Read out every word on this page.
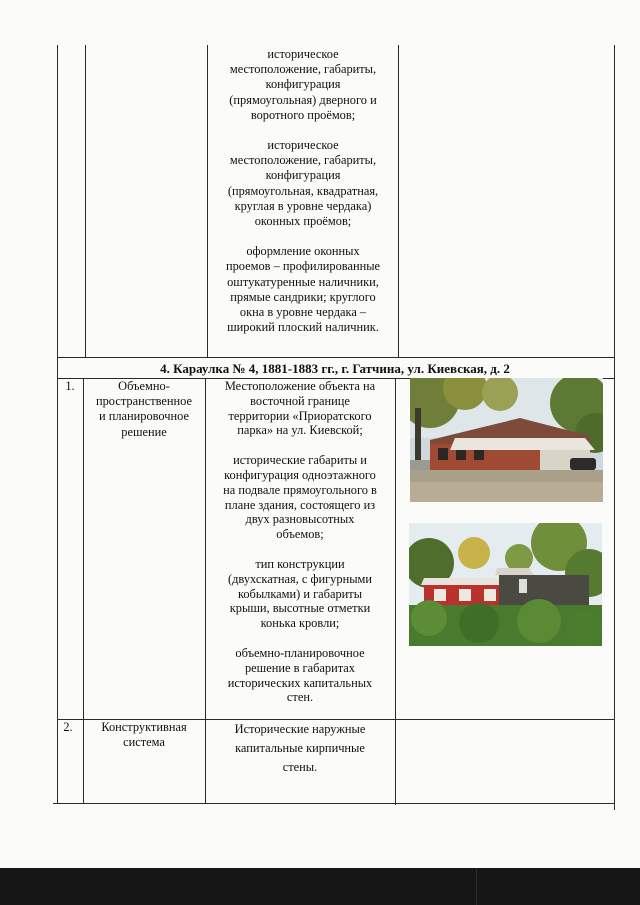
историческое
местоположение, габариты,
конфигурация
(прямоугольная) дверного и
воротного проёмов;

историческое
местоположение, габариты,
конфигурация
(прямоугольная, квадратная,
круглая в уровне чердака)
оконных проёмов;

оформление оконных
проемов – профилированные
оштукатуренные наличники,
прямые сандрики; круглого
окна в уровне чердака –
широкий плоский наличник.

4. Караулка № 4, 1881-1883 гг., г. Гатчина, ул. Киевская, д. 2
1.	Объемно-
пространственное
и планировочное
решение

Местоположение объекта на
восточной границе
территории «Приоратского
парка» на ул. Киевской;

исторические габариты и
конфигурация одноэтажного
на подвале прямоугольного в
плане здания, состоящего из
двух разновысотных
объемов;

тип конструкции
(двухскатная, с фигурными
кобылками) и габариты
крыши, высотные отметки
конька кровли;

объемно-планировочное
решение в габаритах
исторических капитальных
стен.

2.	Конструктивная
система

Исторические наружные
капитальные кирпичные
стены.
